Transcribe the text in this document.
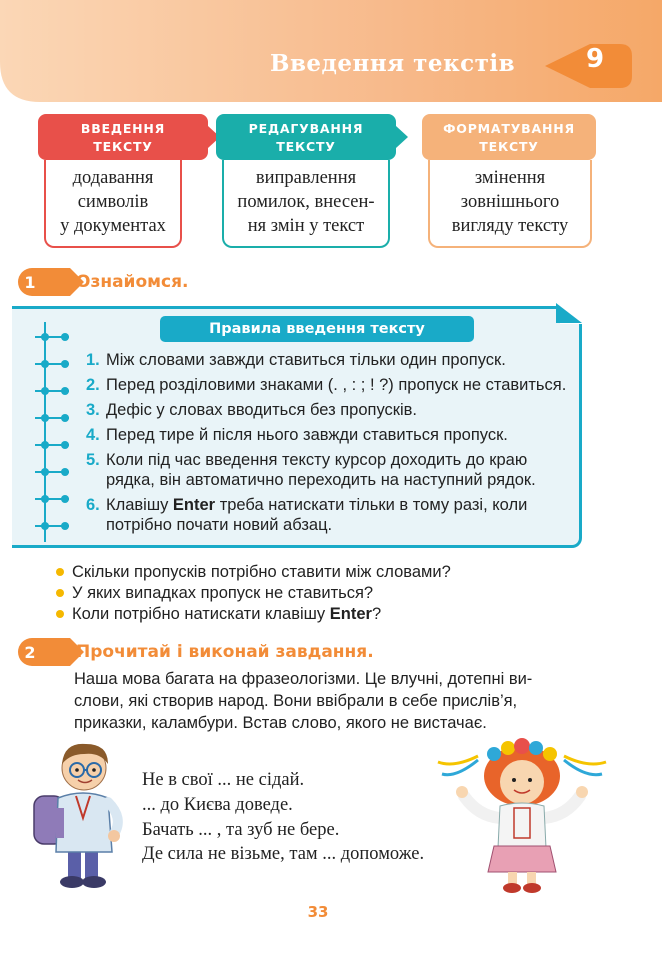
Введення текстів	9
ВВЕДЕННЯ
ТЕКСТУ
додавання
символів
у документах
РЕДАГУВАННЯ
ТЕКСТУ
виправлення
помилок, внесен-
ня змін у текст
ФОРМАТУВАННЯ
ТЕКСТУ
змінення
зовнішнього
вигляду тексту
1 Ознайомся.
Правила введення тексту
1. Між словами завжди ставиться тільки один пропуск.
2. Перед розділовими знаками (. , : ; ! ?) пропуск не ставиться.
3. Дефіс у словах вводиться без пропусків.
4. Перед тире й після нього завжди ставиться пропуск.
5. Коли під час введення тексту курсор доходить до краю
рядка, він автоматично переходить на наступний рядок.
6. Клавішу Enter треба натискати тільки в тому разі, коли
потрібно почати новий абзац.
Скільки пропусків потрібно ставити між словами?
У яких випадках пропуск не ставиться?
Коли потрібно натискати клавішу Enter?
2 Прочитай і виконай завдання.
Наша мова багата на фразеологізми. Це влучні, дотепні ви-
слови, які створив народ. Вони ввібрали в себе прислів’я,
приказки, каламбури. Встав слово, якого не вистачає.
Не в свої ... не сідай.
... до Києва доведе.
Бачать ... , та зуб не бере.
Де сила не візьме, там ... допоможе.
33
